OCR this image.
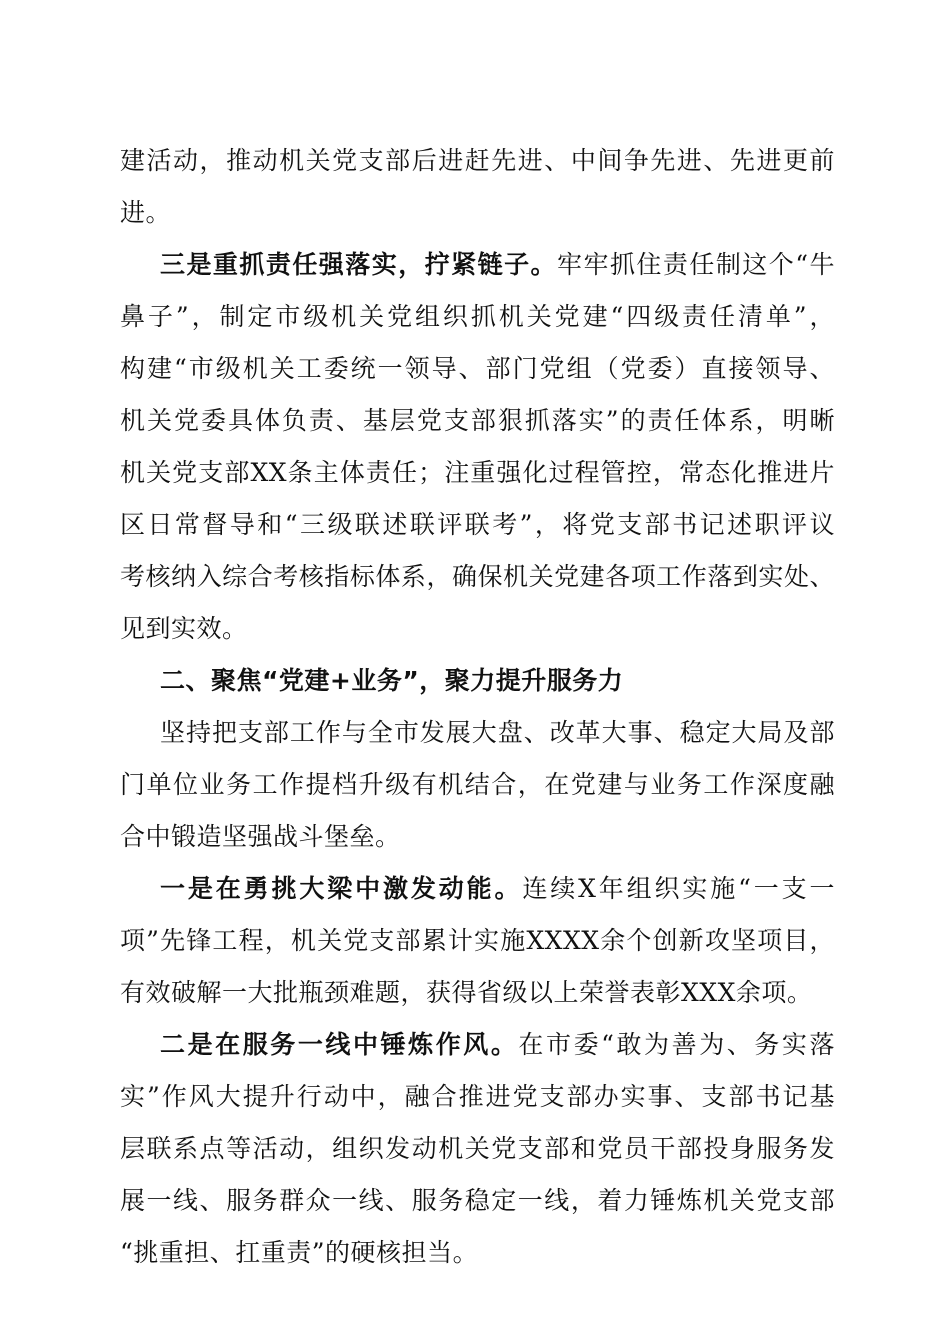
建活动，推动机关党支部后进赶先进、中间争先进、先进更前
进。
三是重抓责任强落实，拧紧链子。牢牢抓住责任制这个“牛
鼻子”，制定市级机关党组织抓机关党建“四级责任清单”，
构建“市级机关工委统一领导、部门党组（党委）直接领导、
机关党委具体负责、基层党支部狠抓落实”的责任体系，明晰
机关党支部XX条主体责任；注重强化过程管控，常态化推进片
区日常督导和“三级联述联评联考”，将党支部书记述职评议
考核纳入综合考核指标体系，确保机关党建各项工作落到实处、
见到实效。
二、聚焦“党建+业务”，聚力提升服务力
坚持把支部工作与全市发展大盘、改革大事、稳定大局及部
门单位业务工作提档升级有机结合，在党建与业务工作深度融
合中锻造坚强战斗堡垒。
一是在勇挑大梁中激发动能。连续X年组织实施“一支一
项”先锋工程，机关党支部累计实施XXXX余个创新攻坚项目，
有效破解一大批瓶颈难题，获得省级以上荣誉表彰XXX余项。
二是在服务一线中锤炼作风。在市委“敢为善为、务实落
实”作风大提升行动中，融合推进党支部办实事、支部书记基
层联系点等活动，组织发动机关党支部和党员干部投身服务发
展一线、服务群众一线、服务稳定一线，着力锤炼机关党支部
“挑重担、扛重责”的硬核担当。
